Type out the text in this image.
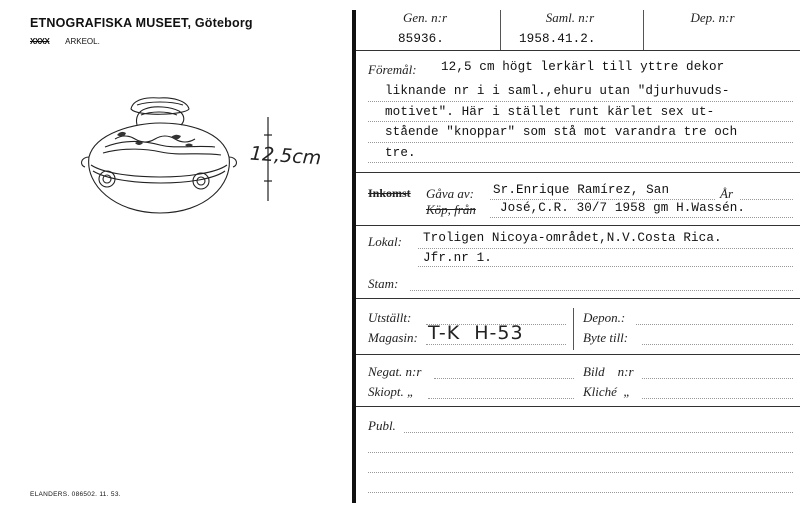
ETNOGRAFISKA MUSEET, Göteborg
XXXX ARKEOL.
12,5cm
ELANDERS. 086502. 11. 53.
Gen. n:r	Saml. n:r	Dep. n:r
85936.	1958.41.2.
Föremål: 12,5 cm högt lerkärl till yttre dekor
liknande nr i i saml.,ehuru utan "djurhuvuds-
motivet". Här i stället runt kärlet sex ut-
stående "knoppar" som stå mot varandra tre och
tre.
Inkomst Gåva av:
Köp, från
År
Sr.Enrique Ramírez, San
José,C.R. 30/7 1958 gm H.Wassén.
Lokal: Troligen Nicoya-området,N.V.Costa Rica.
Jfr.nr 1.
Stam:
Utställt:
Magasin: T-K  H-53
Depon.:
Byte till:
Negat. n:r
Skiopt. „
Bild    n:r
Kliché  „
Publ.
